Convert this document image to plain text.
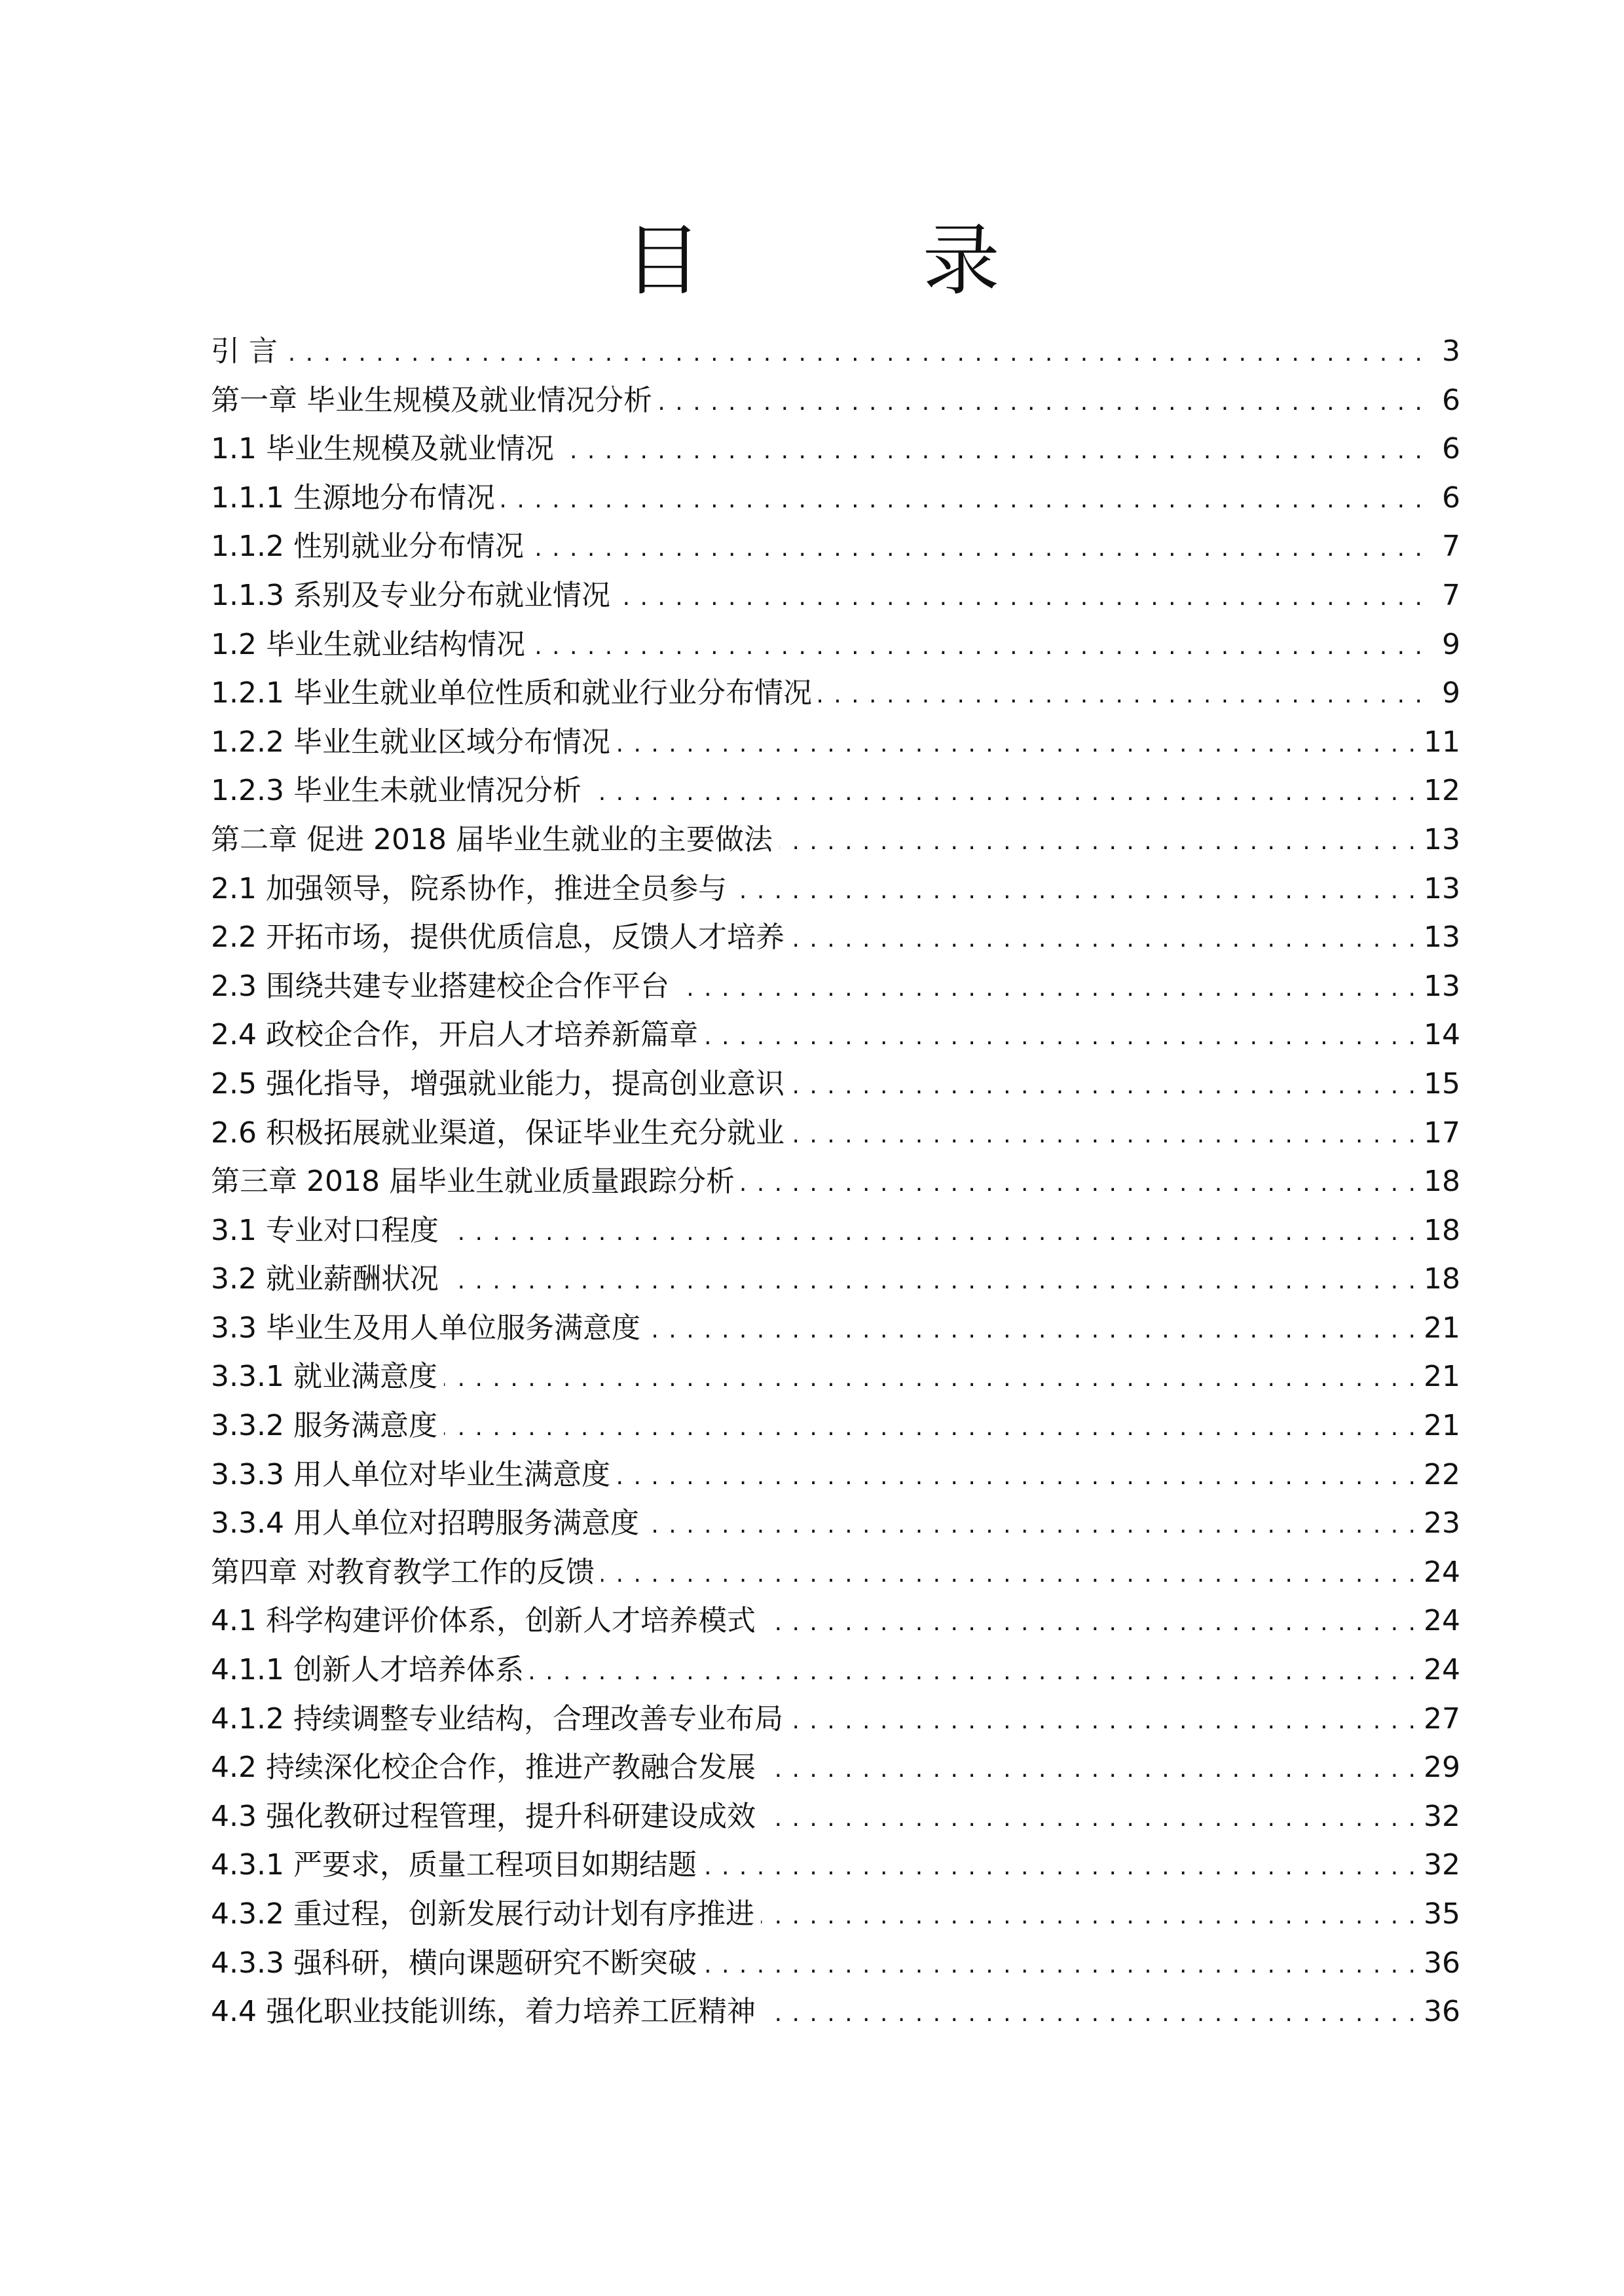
目 录
引 言 . . .	3
第一章 毕业生规模及就业情况分析 . . .	6
1.1 毕业生规模及就业情况 . . .	6
1.1.1 生源地分布情况 . . .	6
1.1.2 性别就业分布情况 . . .	7
1.1.3 系别及专业分布就业情况 . . .	7
1.2 毕业生就业结构情况 . . .	9
1.2.1 毕业生就业单位性质和就业行业分布情况 . . .	9
1.2.2 毕业生就业区域分布情况 . . .	11
1.2.3 毕业生未就业情况分析 . . .	12
第二章 促进 2018 届毕业生就业的主要做法 . . .	13
2.1 加强领导，院系协作，推进全员参与 . . .	13
2.2 开拓市场，提供优质信息，反馈人才培养 . . .	13
2.3 围绕共建专业搭建校企合作平台 . . .	13
2.4 政校企合作，开启人才培养新篇章 . . .	14
2.5 强化指导，增强就业能力，提高创业意识 . . .	15
2.6 积极拓展就业渠道，保证毕业生充分就业 . . .	17
第三章 2018 届毕业生就业质量跟踪分析 . . .	18
3.1 专业对口程度 . . .	18
3.2 就业薪酬状况 . . .	18
3.3 毕业生及用人单位服务满意度 . . .	21
3.3.1 就业满意度 . . .	21
3.3.2 服务满意度 . . .	21
3.3.3 用人单位对毕业生满意度 . . .	22
3.3.4 用人单位对招聘服务满意度 . . .	23
第四章 对教育教学工作的反馈 . . .	24
4.1 科学构建评价体系，创新人才培养模式 . . .	24
4.1.1 创新人才培养体系 . . .	24
4.1.2 持续调整专业结构，合理改善专业布局 . . .	27
4.2 持续深化校企合作，推进产教融合发展 . . .	29
4.3 强化教研过程管理，提升科研建设成效 . . .	32
4.3.1 严要求，质量工程项目如期结题 . . .	32
4.3.2 重过程，创新发展行动计划有序推进 . . .	35
4.3.3 强科研，横向课题研究不断突破 . . .	36
4.4 强化职业技能训练，着力培养工匠精神 . . .	36
